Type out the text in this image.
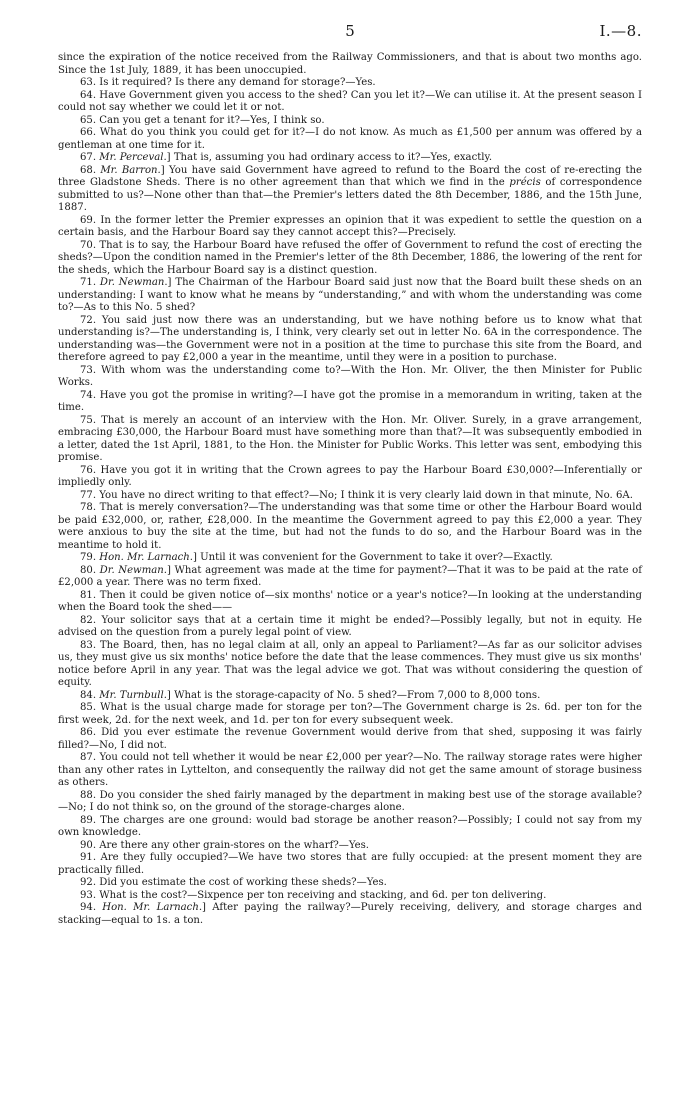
5	I.—8.

since the expiration of the notice received from the Railway Commissioners, and that is about two months ago. Since the 1st July, 1889, it has been unoccupied.

63. Is it required? Is there any demand for storage?—Yes.

64. Have Government given you access to the shed? Can you let it?—We can utilise it. At the present season I could not say whether we could let it or not.

65. Can you get a tenant for it?—Yes, I think so.

66. What do you think you could get for it?—I do not know. As much as £1,500 per annum was offered by a gentleman at one time for it.

67. Mr. Perceval.] That is, assuming you had ordinary access to it?—Yes, exactly.

68. Mr. Barron.] You have said Government have agreed to refund to the Board the cost of re-erecting the three Gladstone Sheds. There is no other agreement than that which we find in the précis of correspondence submitted to us?—None other than that—the Premier's letters dated the 8th December, 1886, and the 15th June, 1887.

69. In the former letter the Premier expresses an opinion that it was expedient to settle the question on a certain basis, and the Harbour Board say they cannot accept this?—Precisely.

70. That is to say, the Harbour Board have refused the offer of Government to refund the cost of erecting the sheds?—Upon the condition named in the Premier's letter of the 8th December, 1886, the lowering of the rent for the sheds, which the Harbour Board say is a distinct question.

71. Dr. Newman.] The Chairman of the Harbour Board said just now that the Board built these sheds on an understanding: I want to know what he means by “understanding,” and with whom the understanding was come to?—As to this No. 5 shed?

72. You said just now there was an understanding, but we have nothing before us to know what that understanding is?—The understanding is, I think, very clearly set out in letter No. 6A in the correspondence. The understanding was—the Government were not in a position at the time to purchase this site from the Board, and therefore agreed to pay £2,000 a year in the meantime, until they were in a position to purchase.

73. With whom was the understanding come to?—With the Hon. Mr. Oliver, the then Minister for Public Works.

74. Have you got the promise in writing?—I have got the promise in a memorandum in writing, taken at the time.

75. That is merely an account of an interview with the Hon. Mr. Oliver. Surely, in a grave arrangement, embracing £30,000, the Harbour Board must have something more than that?—It was subsequently embodied in a letter, dated the 1st April, 1881, to the Hon. the Minister for Public Works. This letter was sent, embodying this promise.

76. Have you got it in writing that the Crown agrees to pay the Harbour Board £30,000?—Inferentially or impliedly only.

77. You have no direct writing to that effect?—No; I think it is very clearly laid down in that minute, No. 6A.

78. That is merely conversation?—The understanding was that some time or other the Harbour Board would be paid £32,000, or, rather, £28,000. In the meantime the Government agreed to pay this £2,000 a year. They were anxious to buy the site at the time, but had not the funds to do so, and the Harbour Board was in the meantime to hold it.

79. Hon. Mr. Larnach.] Until it was convenient for the Government to take it over?—Exactly.

80. Dr. Newman.] What agreement was made at the time for payment?—That it was to be paid at the rate of £2,000 a year. There was no term fixed.

81. Then it could be given notice of—six months' notice or a year's notice?—In looking at the understanding when the Board took the shed——

82. Your solicitor says that at a certain time it might be ended?—Possibly legally, but not in equity. He advised on the question from a purely legal point of view.

83. The Board, then, has no legal claim at all, only an appeal to Parliament?—As far as our solicitor advises us, they must give us six months' notice before the date that the lease commences. They must give us six months' notice before April in any year. That was the legal advice we got. That was without considering the question of equity.

84. Mr. Turnbull.] What is the storage-capacity of No. 5 shed?—From 7,000 to 8,000 tons.

85. What is the usual charge made for storage per ton?—The Government charge is 2s. 6d. per ton for the first week, 2d. for the next week, and 1d. per ton for every subsequent week.

86. Did you ever estimate the revenue Government would derive from that shed, supposing it was fairly filled?—No, I did not.

87. You could not tell whether it would be near £2,000 per year?—No. The railway storage rates were higher than any other rates in Lyttelton, and consequently the railway did not get the same amount of storage business as others.

88. Do you consider the shed fairly managed by the department in making best use of the storage available?—No; I do not think so, on the ground of the storage-charges alone.

89. The charges are one ground: would bad storage be another reason?—Possibly; I could not say from my own knowledge.

90. Are there any other grain-stores on the wharf?—Yes.

91. Are they fully occupied?—We have two stores that are fully occupied: at the present moment they are practically filled.

92. Did you estimate the cost of working these sheds?—Yes.

93. What is the cost?—Sixpence per ton receiving and stacking, and 6d. per ton delivering.

94. Hon. Mr. Larnach.] After paying the railway?—Purely receiving, delivery, and storage charges and stacking—equal to 1s. a ton.
